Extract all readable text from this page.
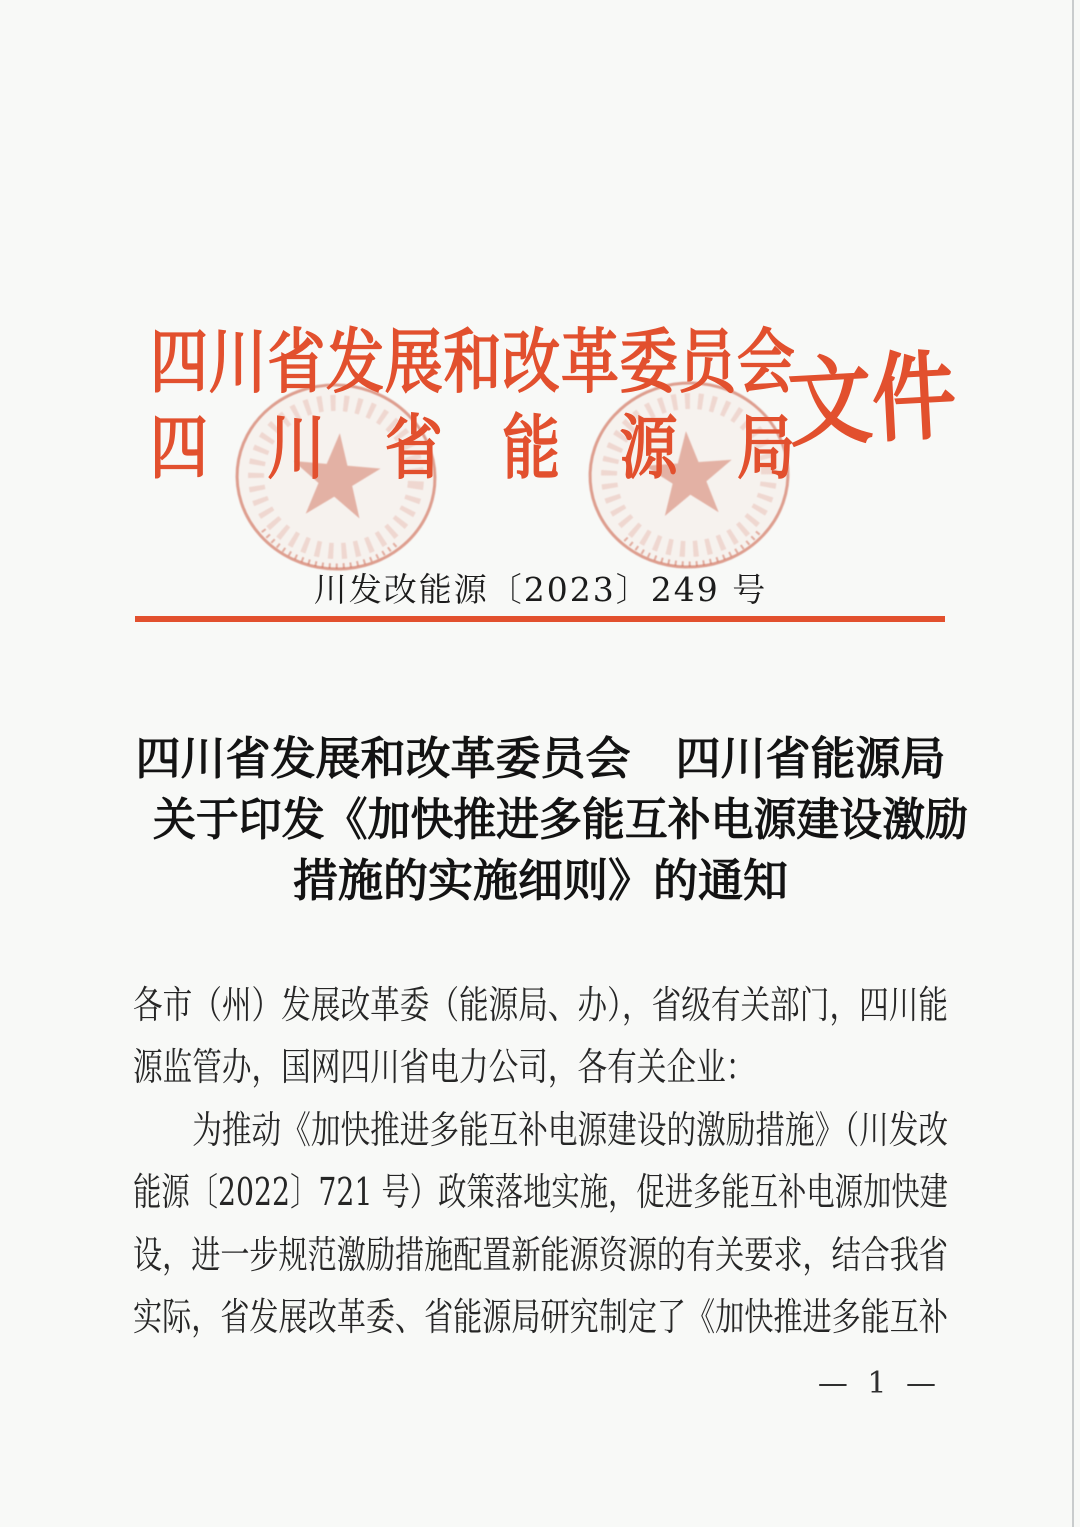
四 川 省 发 展 和 改 革 委 员 会
四 川 省 能 源 局
文
件
川发改能源〔2023〕249 号
四川省发展和改革委员会　四川省能源局
关于印发《加快推进多能互补电源建设激励
措施的实施细则》的通知
各市（州）发展改革委（能源局、办），省级有关部门，四川能
源监管办，国网四川省电力公司，各有关企业：
为推动《加快推进多能互补电源建设的激励措施》（川发改
能源〔2022〕721 号）政策落地实施，促进多能互补电源加快建
设，进一步规范激励措施配置新能源资源的有关要求，结合我省
实际，省发展改革委、省能源局研究制定了《加快推进多能互补
— 1 —
